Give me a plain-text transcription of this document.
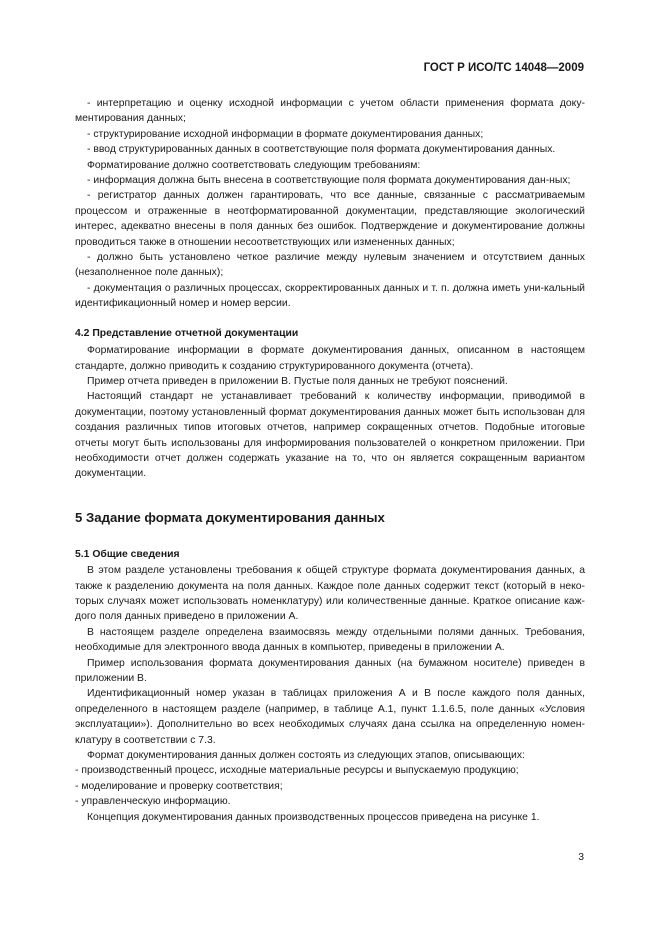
ГОСТ Р ИСО/ТС 14048—2009

- интерпретацию и оценку исходной информации с учетом области применения формата доку-ментирования данных;

- структурирование исходной информации в формате документирования данных;

- ввод структурированных данных в соответствующие поля формата документирования данных.

Форматирование должно соответствовать следующим требованиям:

- информация должна быть внесена в соответствующие поля формата документирования дан-ных;

- регистратор данных должен гарантировать, что все данные, связанные с рассматриваемым процессом и отраженные в неотформатированной документации, представляющие экологический интерес, адекватно внесены в поля данных без ошибок. Подтверждение и документирование должны проводиться также в отношении несоответствующих или измененных данных;

- должно быть установлено четкое различие между нулевым значением и отсутствием данных (незаполненное поле данных);

- документация о различных процессах, скорректированных данных и т. п. должна иметь уни-кальный идентификационный номер и номер версии.

4.2 Представление отчетной документации

Форматирование информации в формате документирования данных, описанном в настоящем стандарте, должно приводить к созданию структурированного документа (отчета).

Пример отчета приведен в приложении В. Пустые поля данных не требуют пояснений.

Настоящий стандарт не устанавливает требований к количеству информации, приводимой в документации, поэтому установленный формат документирования данных может быть использован для создания различных типов итоговых отчетов, например сокращенных отчетов. Подобные итоговые отчеты могут быть использованы для информирования пользователей о конкретном приложении. При необходимости отчет должен содержать указание на то, что он является сокращенным вариантом документации.

5 Задание формата документирования данных

5.1 Общие сведения

В этом разделе установлены требования к общей структуре формата документирования данных, а также к разделению документа на поля данных. Каждое поле данных содержит текст (который в неко-торых случаях может использовать номенклатуру) или количественные данные. Краткое описание каж-дого поля данных приведено в приложении А.

В настоящем разделе определена взаимосвязь между отдельными полями данных. Требования, необходимые для электронного ввода данных в компьютер, приведены в приложении А.

Пример использования формата документирования данных (на бумажном носителе) приведен в приложении В.

Идентификационный номер указан в таблицах приложения А и В после каждого поля данных, определенного в настоящем разделе (например, в таблице А.1, пункт 1.1.6.5, поле данных «Условия эксплуатации»). Дополнительно во всех необходимых случаях дана ссылка на определенную номен-клатуру в соответствии с 7.3.

Формат документирования данных должен состоять из следующих этапов, описывающих:

- производственный процесс, исходные материальные ресурсы и выпускаемую продукцию;

- моделирование и проверку соответствия;

- управленческую информацию.

Концепция документирования данных производственных процессов приведена на рисунке 1.

3
